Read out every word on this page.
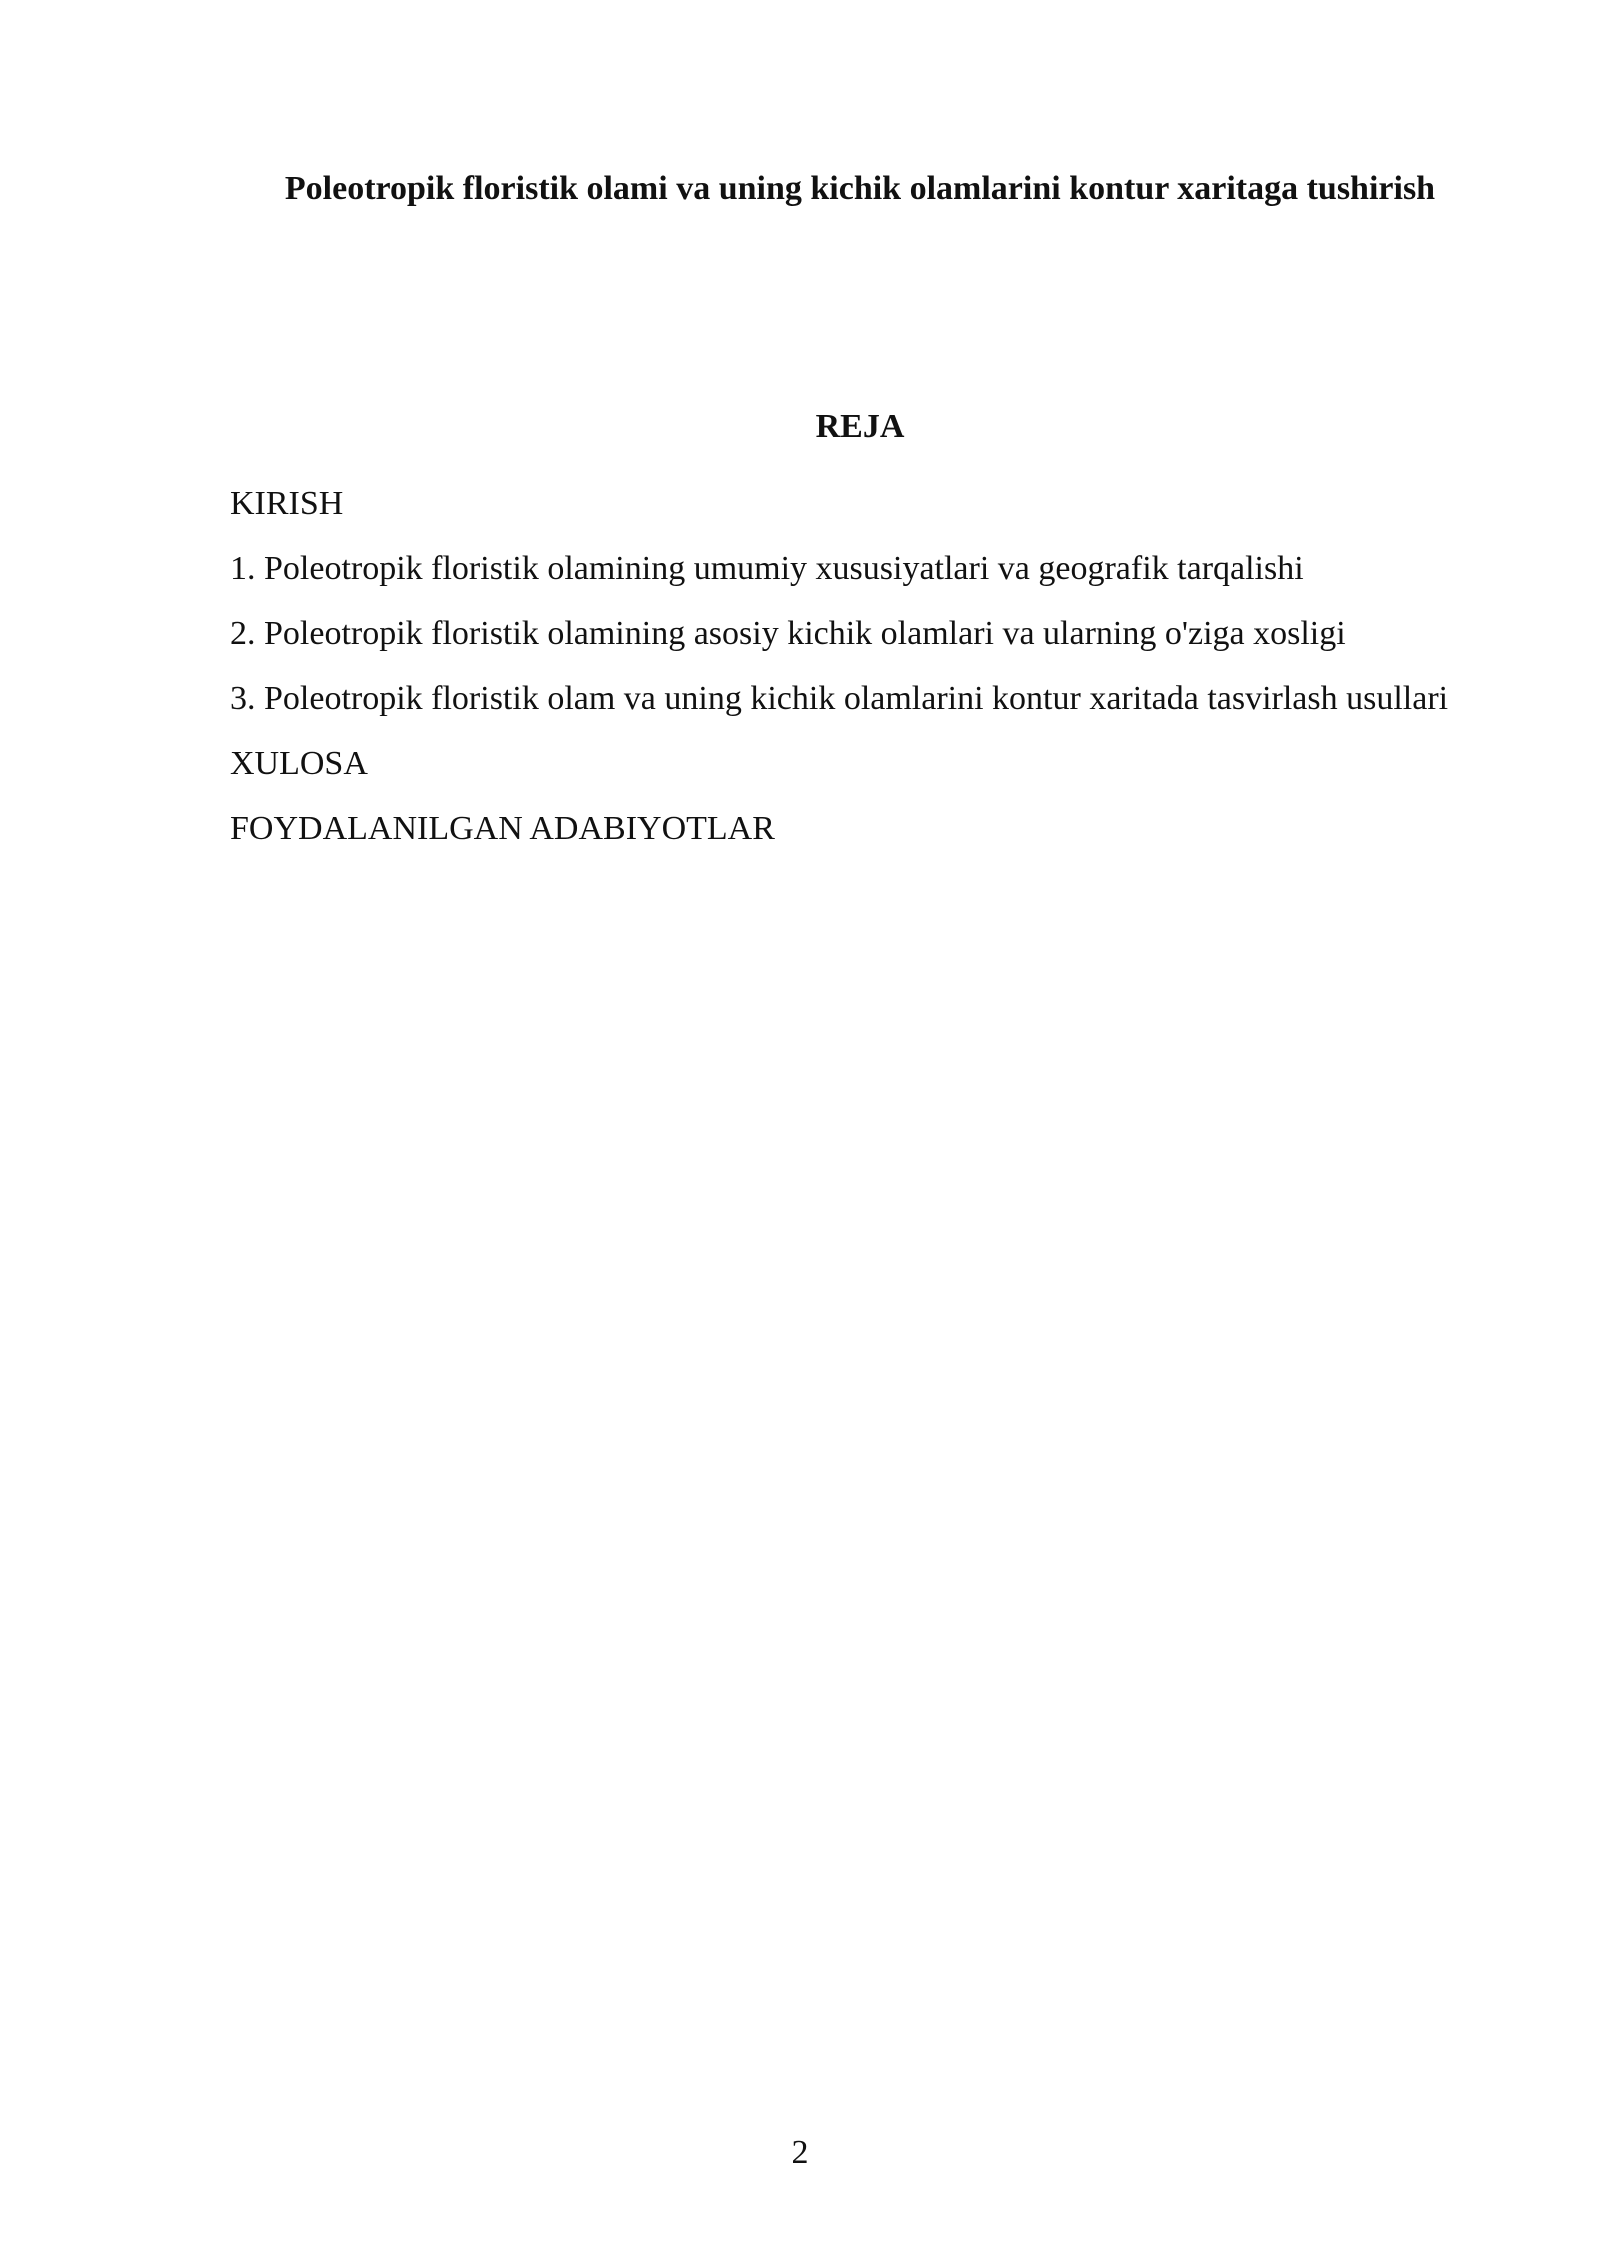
Poleotropik floristik olami va uning kichik olamlarini kontur xaritaga tushirish
REJA
KIRISH
1. Poleotropik floristik olamining umumiy xususiyatlari va geografik tarqalishi
2. Poleotropik floristik olamining asosiy kichik olamlari va ularning o'ziga xosligi
3. Poleotropik floristik olam va uning kichik olamlarini kontur xaritada tasvirlash usullari
XULOSA
FOYDALANILGAN ADABIYOTLAR
2
